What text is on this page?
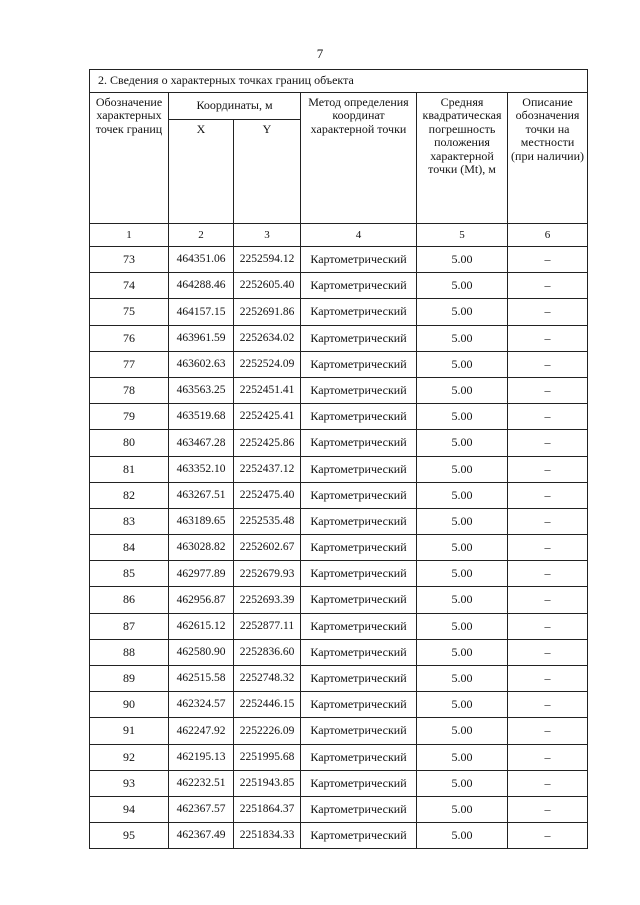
7
2. Сведения о характерных точках границ объекта					
Обозначение характерных точек границ	Координаты, м		Метод определения координат характерной точки	Средняя квадратическая погрешность положения характерной точки (Mt), м	Описание обозначения точки на местности (при наличии)
	X	Y			
1	2	3	4	5	6
73	464351.06	2252594.12	Картометрический	5.00	–
74	464288.46	2252605.40	Картометрический	5.00	–
75	464157.15	2252691.86	Картометрический	5.00	–
76	463961.59	2252634.02	Картометрический	5.00	–
77	463602.63	2252524.09	Картометрический	5.00	–
78	463563.25	2252451.41	Картометрический	5.00	–
79	463519.68	2252425.41	Картометрический	5.00	–
80	463467.28	2252425.86	Картометрический	5.00	–
81	463352.10	2252437.12	Картометрический	5.00	–
82	463267.51	2252475.40	Картометрический	5.00	–
83	463189.65	2252535.48	Картометрический	5.00	–
84	463028.82	2252602.67	Картометрический	5.00	–
85	462977.89	2252679.93	Картометрический	5.00	–
86	462956.87	2252693.39	Картометрический	5.00	–
87	462615.12	2252877.11	Картометрический	5.00	–
88	462580.90	2252836.60	Картометрический	5.00	–
89	462515.58	2252748.32	Картометрический	5.00	–
90	462324.57	2252446.15	Картометрический	5.00	–
91	462247.92	2252226.09	Картометрический	5.00	–
92	462195.13	2251995.68	Картометрический	5.00	–
93	462232.51	2251943.85	Картометрический	5.00	–
94	462367.57	2251864.37	Картометрический	5.00	–
95	462367.49	2251834.33	Картометрический	5.00	–
